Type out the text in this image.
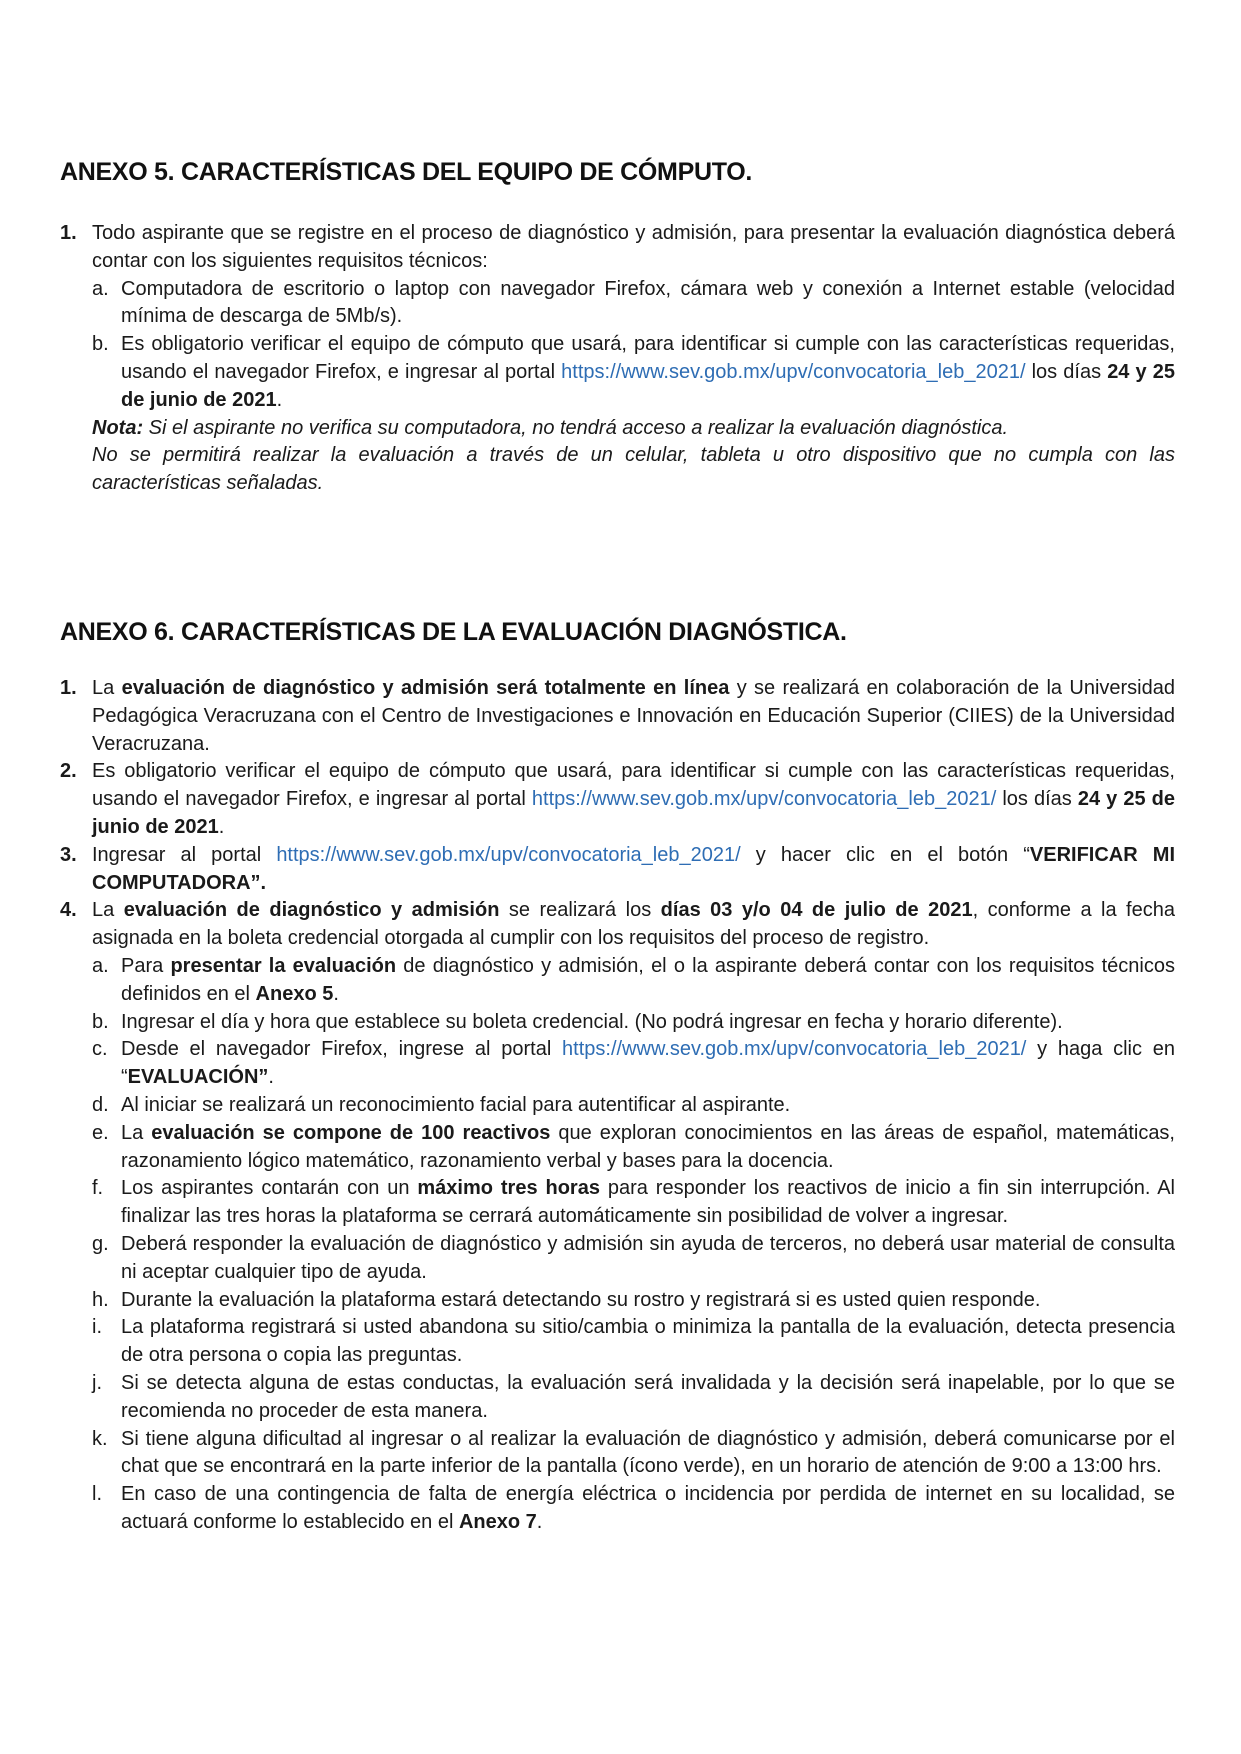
ANEXO 5. CARACTERÍSTICAS DEL EQUIPO DE CÓMPUTO.
1. Todo aspirante que se registre en el proceso de diagnóstico y admisión, para presentar la evaluación diagnóstica deberá contar con los siguientes requisitos técnicos:
a. Computadora de escritorio o laptop con navegador Firefox, cámara web y conexión a Internet estable (velocidad mínima de descarga de 5Mb/s).
b. Es obligatorio verificar el equipo de cómputo que usará, para identificar si cumple con las características requeridas, usando el navegador Firefox, e ingresar al portal https://www.sev.gob.mx/upv/convocatoria_leb_2021/ los días 24 y 25 de junio de 2021.
Nota: Si el aspirante no verifica su computadora, no tendrá acceso a realizar la evaluación diagnóstica.
No se permitirá realizar la evaluación a través de un celular, tableta u otro dispositivo que no cumpla con las características señaladas.
ANEXO 6. CARACTERÍSTICAS DE LA EVALUACIÓN DIAGNÓSTICA.
1. La evaluación de diagnóstico y admisión será totalmente en línea y se realizará en colaboración de la Universidad Pedagógica Veracruzana con el Centro de Investigaciones e Innovación en Educación Superior (CIIES) de la Universidad Veracruzana.
2. Es obligatorio verificar el equipo de cómputo que usará, para identificar si cumple con las características requeridas, usando el navegador Firefox, e ingresar al portal https://www.sev.gob.mx/upv/convocatoria_leb_2021/ los días 24 y 25 de junio de 2021.
3. Ingresar al portal https://www.sev.gob.mx/upv/convocatoria_leb_2021/ y hacer clic en el botón “VERIFICAR MI COMPUTADORA”.
4. La evaluación de diagnóstico y admisión se realizará los días 03 y/o 04 de julio de 2021, conforme a la fecha asignada en la boleta credencial otorgada al cumplir con los requisitos del proceso de registro.
a. Para presentar la evaluación de diagnóstico y admisión, el o la aspirante deberá contar con los requisitos técnicos definidos en el Anexo 5.
b. Ingresar el día y hora que establece su boleta credencial. (No podrá ingresar en fecha y horario diferente).
c. Desde el navegador Firefox, ingrese al portal https://www.sev.gob.mx/upv/convocatoria_leb_2021/ y haga clic en “EVALUACIÓN”.
d. Al iniciar se realizará un reconocimiento facial para autentificar al aspirante.
e. La evaluación se compone de 100 reactivos que exploran conocimientos en las áreas de español, matemáticas, razonamiento lógico matemático, razonamiento verbal y bases para la docencia.
f. Los aspirantes contarán con un máximo tres horas para responder los reactivos de inicio a fin sin interrupción. Al finalizar las tres horas la plataforma se cerrará automáticamente sin posibilidad de volver a ingresar.
g. Deberá responder la evaluación de diagnóstico y admisión sin ayuda de terceros, no deberá usar material de consulta ni aceptar cualquier tipo de ayuda.
h. Durante la evaluación la plataforma estará detectando su rostro y registrará si es usted quien responde.
i. La plataforma registrará si usted abandona su sitio/cambia o minimiza la pantalla de la evaluación, detecta presencia de otra persona o copia las preguntas.
j. Si se detecta alguna de estas conductas, la evaluación será invalidada y la decisión será inapelable, por lo que se recomienda no proceder de esta manera.
k. Si tiene alguna dificultad al ingresar o al realizar la evaluación de diagnóstico y admisión, deberá comunicarse por el chat que se encontrará en la parte inferior de la pantalla (ícono verde), en un horario de atención de 9:00 a 13:00 hrs.
l. En caso de una contingencia de falta de energía eléctrica o incidencia por perdida de internet en su localidad, se actuará conforme lo establecido en el Anexo 7.
